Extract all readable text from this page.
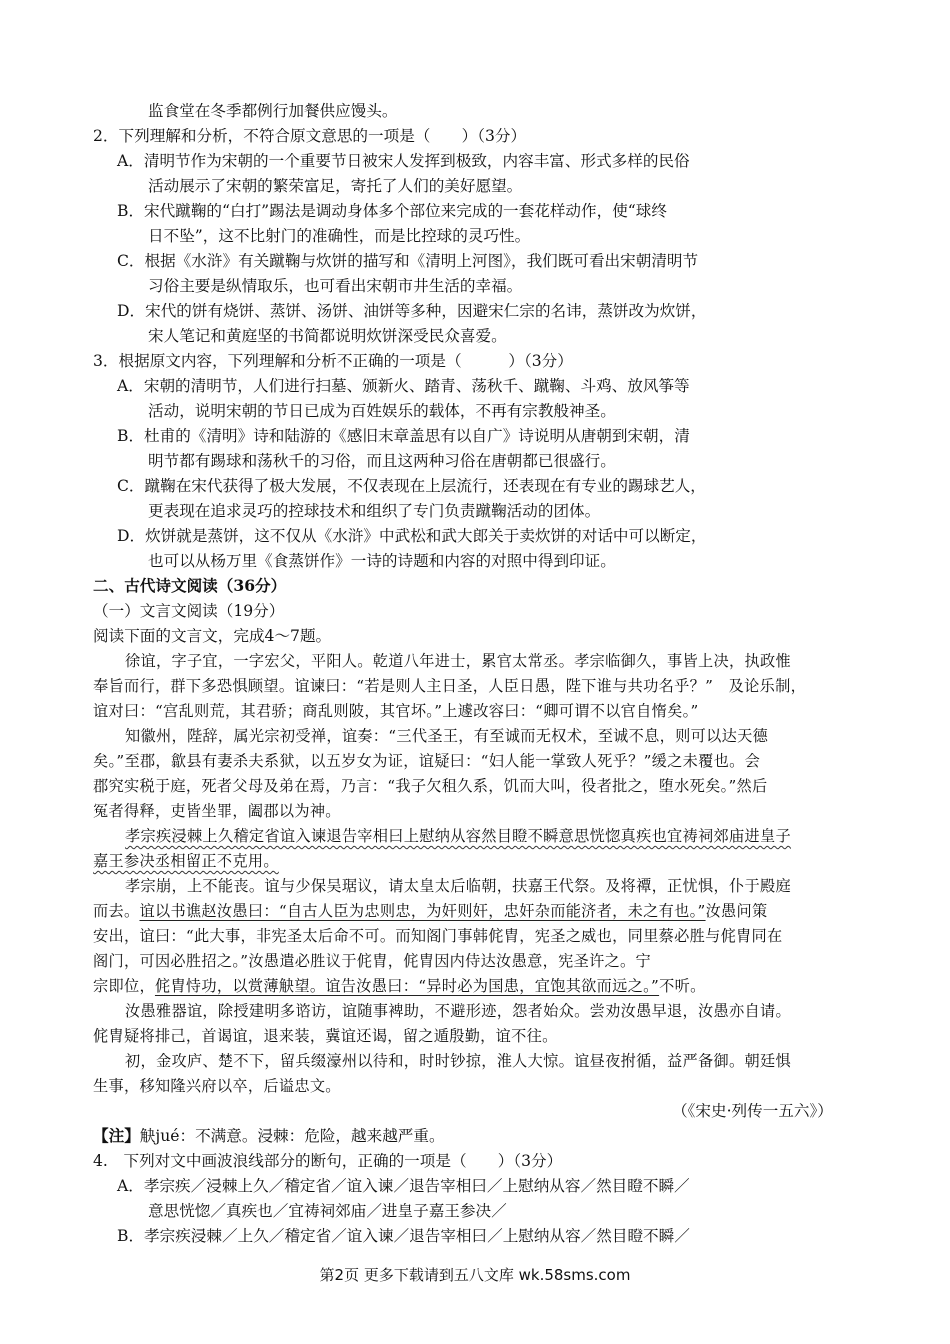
监食堂在冬季都例行加餐供应馒头。
2．下列理解和分析，不符合原文意思的一项是（　　）（3分）
A．清明节作为宋朝的一个重要节日被宋人发挥到极致，内容丰富、形式多样的民俗
活动展示了宋朝的繁荣富足，寄托了人们的美好愿望。
B．宋代蹴鞠的“白打”踢法是调动身体多个部位来完成的一套花样动作，使“球终
日不坠”，这不比射门的准确性，而是比控球的灵巧性。
C．根据《水浒》有关蹴鞠与炊饼的描写和《清明上河图》，我们既可看出宋朝清明节
习俗主要是纵情取乐，也可看出宋朝市井生活的幸福。
D．宋代的饼有烧饼、蒸饼、汤饼、油饼等多种，因避宋仁宗的名讳，蒸饼改为炊饼，
宋人笔记和黄庭坚的书简都说明炊饼深受民众喜爱。
3．根据原文内容，下列理解和分析不正确的一项是（　　　）（3分）
A．宋朝的清明节，人们进行扫墓、颁新火、踏青、荡秋千、蹴鞠、斗鸡、放风筝等
活动，说明宋朝的节日已成为百姓娱乐的载体，不再有宗教般神圣。
B．杜甫的《清明》诗和陆游的《感旧末章盖思有以自广》诗说明从唐朝到宋朝，清
明节都有踢球和荡秋千的习俗，而且这两种习俗在唐朝都已很盛行。
C．蹴鞠在宋代获得了极大发展，不仅表现在上层流行，还表现在有专业的踢球艺人，
更表现在追求灵巧的控球技术和组织了专门负责蹴鞠活动的团体。
D．炊饼就是蒸饼，这不仅从《水浒》中武松和武大郎关于卖炊饼的对话中可以断定，
也可以从杨万里《食蒸饼作》一诗的诗题和内容的对照中得到印证。
二、古代诗文阅读（36分）
（一）文言文阅读（19分）
阅读下面的文言文，完成4～7题。
徐谊，字子宜，一字宏父，平阳人。乾道八年进士，累官太常丞。孝宗临御久，事皆上决，执政惟
奉旨而行，群下多恐惧顾望。谊谏曰：“若是则人主日圣，人臣日愚，陛下谁与共功名乎？”　及论乐制，
谊对曰：“宫乱则荒，其君骄；商乱则陂，其官坏。”上遽改容曰：“卿可谓不以官自惰矣。”
知徽州，陛辞，属光宗初受禅，谊奏：“三代圣王，有至诚而无权术，至诚不息，则可以达天德
矣。”至郡，歙县有妻杀夫系狱，以五岁女为证，谊疑曰：“妇人能一掌致人死乎？”缓之未覆也。会
郡究实税于庭，死者父母及弟在焉，乃言：“我子欠租久系，饥而大叫，役者批之，堕水死矣。”然后
冤者得释，吏皆坐罪，阖郡以为神。
孝宗疾浸棘上久稽定省谊入谏退告宰相曰上慰纳从容然目瞪不瞬意思恍惚真疾也宜祷祠郊庙进皇子
嘉王参决丞相留正不克用。
孝宗崩，上不能丧。谊与少保吴琚议，请太皇太后临朝，扶嘉王代祭。及将禫，正忧惧，仆于殿庭
而去。谊以书谯赵汝愚曰：“自古人臣为忠则忠，为奸则奸，忠奸杂而能济者，未之有也。”汝愚问策
安出，谊曰：“此大事，非宪圣太后命不可。而知阁门事韩侂胄，宪圣之威也，同里蔡必胜与侂胄同在
阁门，可因必胜招之。”汝愚遣必胜议于侂胄，侂胄因内侍达汝愚意，宪圣许之。宁
宗即位，侂胄恃功，以赏薄觖望。谊告汝愚曰：“异时必为国患，宜饱其欲而远之。”不听。
汝愚雅器谊，除授建明多谘访，谊随事裨助，不避形迹，怨者始众。尝劝汝愚早退，汝愚亦自请。
侂胄疑将排己，首谒谊，退来装，冀谊还谒，留之遁殷勤，谊不往。
初，金攻庐、楚不下，留兵缀濠州以待和，时时钞掠，淮人大惊。谊昼夜拊循，益严备御。朝廷惧
生事，移知隆兴府以卒，后谥忠文。
（《宋史·列传一五六》）
【注】觖jué：不满意。浸棘：危险，越来越严重。
4.　下列对文中画波浪线部分的断句，正确的一项是（　　）（3分）
A．孝宗疾／浸棘上久／稽定省／谊入谏／退告宰相曰／上慰纳从容／然目瞪不瞬／
意思恍惚／真疾也／宜祷祠郊庙／进皇子嘉王参决／
B．孝宗疾浸棘／上久／稽定省／谊入谏／退告宰相曰／上慰纳从容／然目瞪不瞬／
第2页 更多下载请到五八文库 wk.58sms.com
